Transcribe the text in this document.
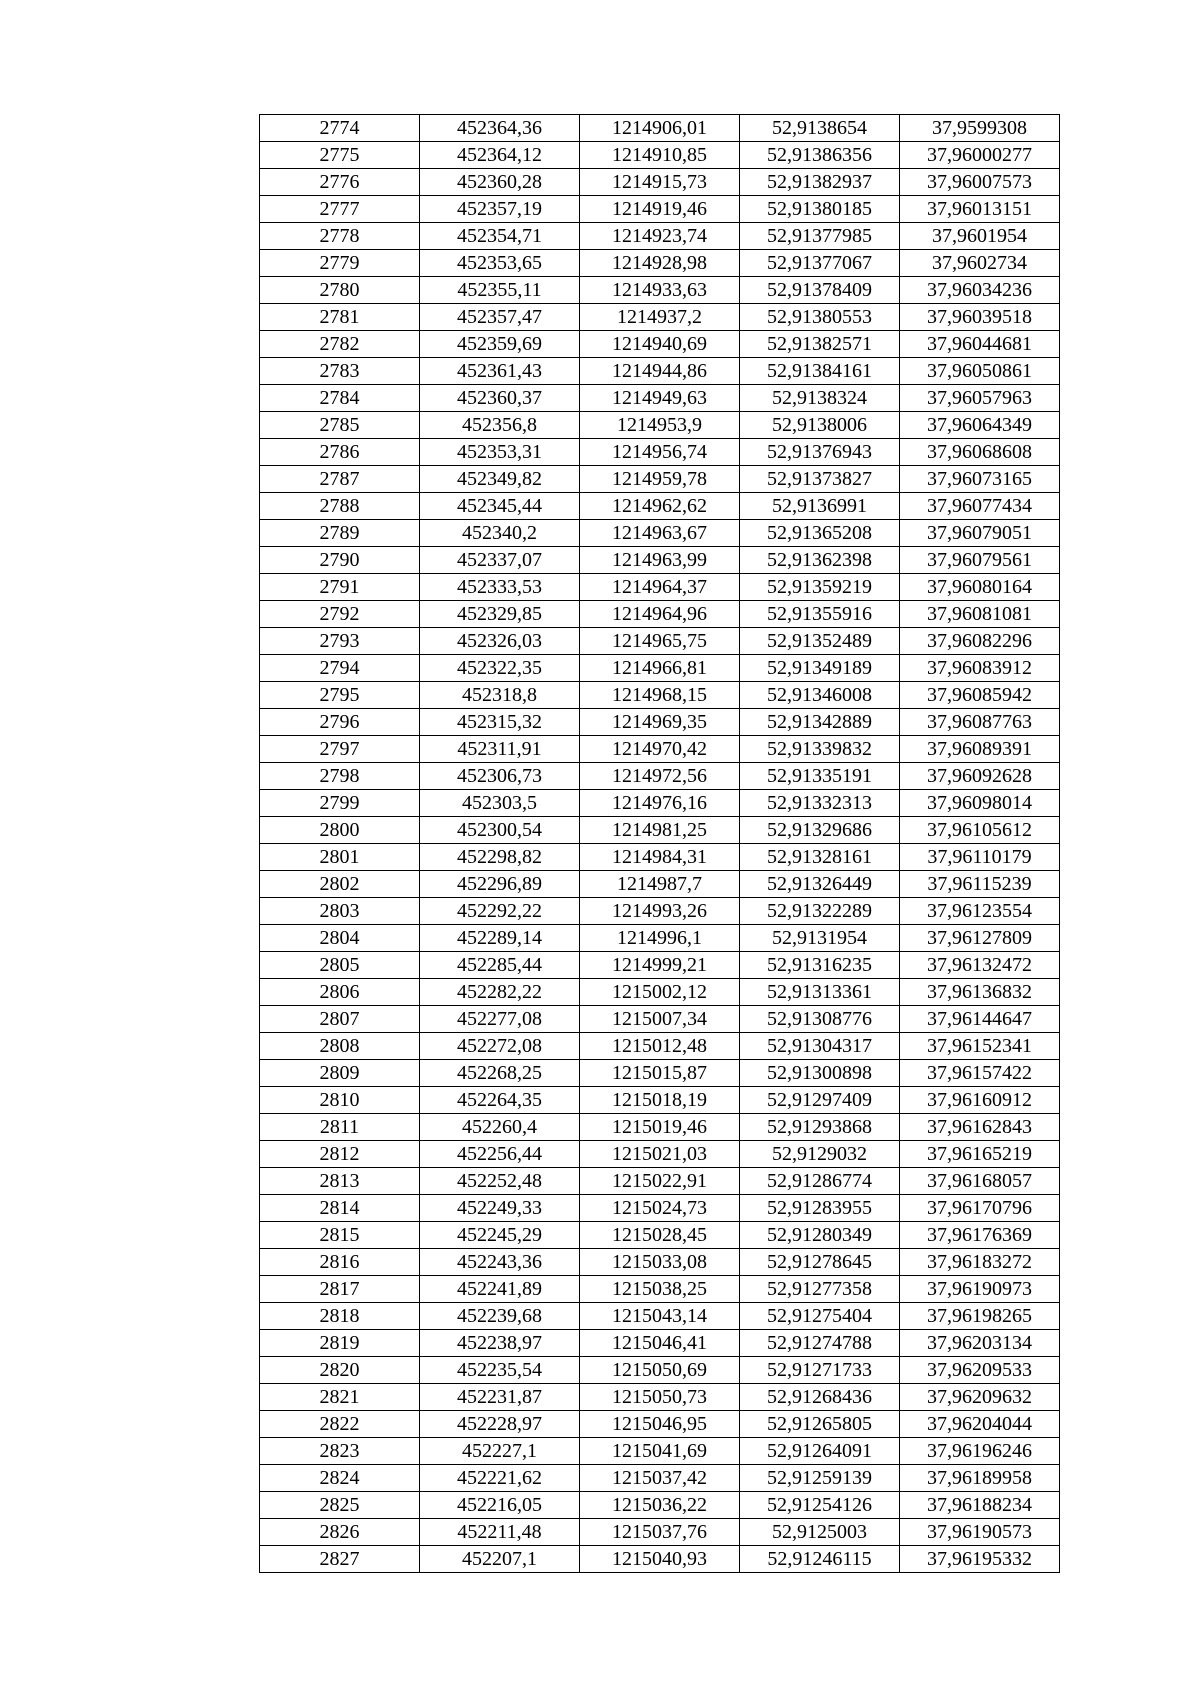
2774	452364,36	1214906,01	52,9138654	37,9599308
2775	452364,12	1214910,85	52,91386356	37,96000277
2776	452360,28	1214915,73	52,91382937	37,96007573
2777	452357,19	1214919,46	52,91380185	37,96013151
2778	452354,71	1214923,74	52,91377985	37,9601954
2779	452353,65	1214928,98	52,91377067	37,9602734
2780	452355,11	1214933,63	52,91378409	37,96034236
2781	452357,47	1214937,2	52,91380553	37,96039518
2782	452359,69	1214940,69	52,91382571	37,96044681
2783	452361,43	1214944,86	52,91384161	37,96050861
2784	452360,37	1214949,63	52,9138324	37,96057963
2785	452356,8	1214953,9	52,9138006	37,96064349
2786	452353,31	1214956,74	52,91376943	37,96068608
2787	452349,82	1214959,78	52,91373827	37,96073165
2788	452345,44	1214962,62	52,9136991	37,96077434
2789	452340,2	1214963,67	52,91365208	37,96079051
2790	452337,07	1214963,99	52,91362398	37,96079561
2791	452333,53	1214964,37	52,91359219	37,96080164
2792	452329,85	1214964,96	52,91355916	37,96081081
2793	452326,03	1214965,75	52,91352489	37,96082296
2794	452322,35	1214966,81	52,91349189	37,96083912
2795	452318,8	1214968,15	52,91346008	37,96085942
2796	452315,32	1214969,35	52,91342889	37,96087763
2797	452311,91	1214970,42	52,91339832	37,96089391
2798	452306,73	1214972,56	52,91335191	37,96092628
2799	452303,5	1214976,16	52,91332313	37,96098014
2800	452300,54	1214981,25	52,91329686	37,96105612
2801	452298,82	1214984,31	52,91328161	37,96110179
2802	452296,89	1214987,7	52,91326449	37,96115239
2803	452292,22	1214993,26	52,91322289	37,96123554
2804	452289,14	1214996,1	52,9131954	37,96127809
2805	452285,44	1214999,21	52,91316235	37,96132472
2806	452282,22	1215002,12	52,91313361	37,96136832
2807	452277,08	1215007,34	52,91308776	37,96144647
2808	452272,08	1215012,48	52,91304317	37,96152341
2809	452268,25	1215015,87	52,91300898	37,96157422
2810	452264,35	1215018,19	52,91297409	37,96160912
2811	452260,4	1215019,46	52,91293868	37,96162843
2812	452256,44	1215021,03	52,9129032	37,96165219
2813	452252,48	1215022,91	52,91286774	37,96168057
2814	452249,33	1215024,73	52,91283955	37,96170796
2815	452245,29	1215028,45	52,91280349	37,96176369
2816	452243,36	1215033,08	52,91278645	37,96183272
2817	452241,89	1215038,25	52,91277358	37,96190973
2818	452239,68	1215043,14	52,91275404	37,96198265
2819	452238,97	1215046,41	52,91274788	37,96203134
2820	452235,54	1215050,69	52,91271733	37,96209533
2821	452231,87	1215050,73	52,91268436	37,96209632
2822	452228,97	1215046,95	52,91265805	37,96204044
2823	452227,1	1215041,69	52,91264091	37,96196246
2824	452221,62	1215037,42	52,91259139	37,96189958
2825	452216,05	1215036,22	52,91254126	37,96188234
2826	452211,48	1215037,76	52,9125003	37,96190573
2827	452207,1	1215040,93	52,91246115	37,96195332
